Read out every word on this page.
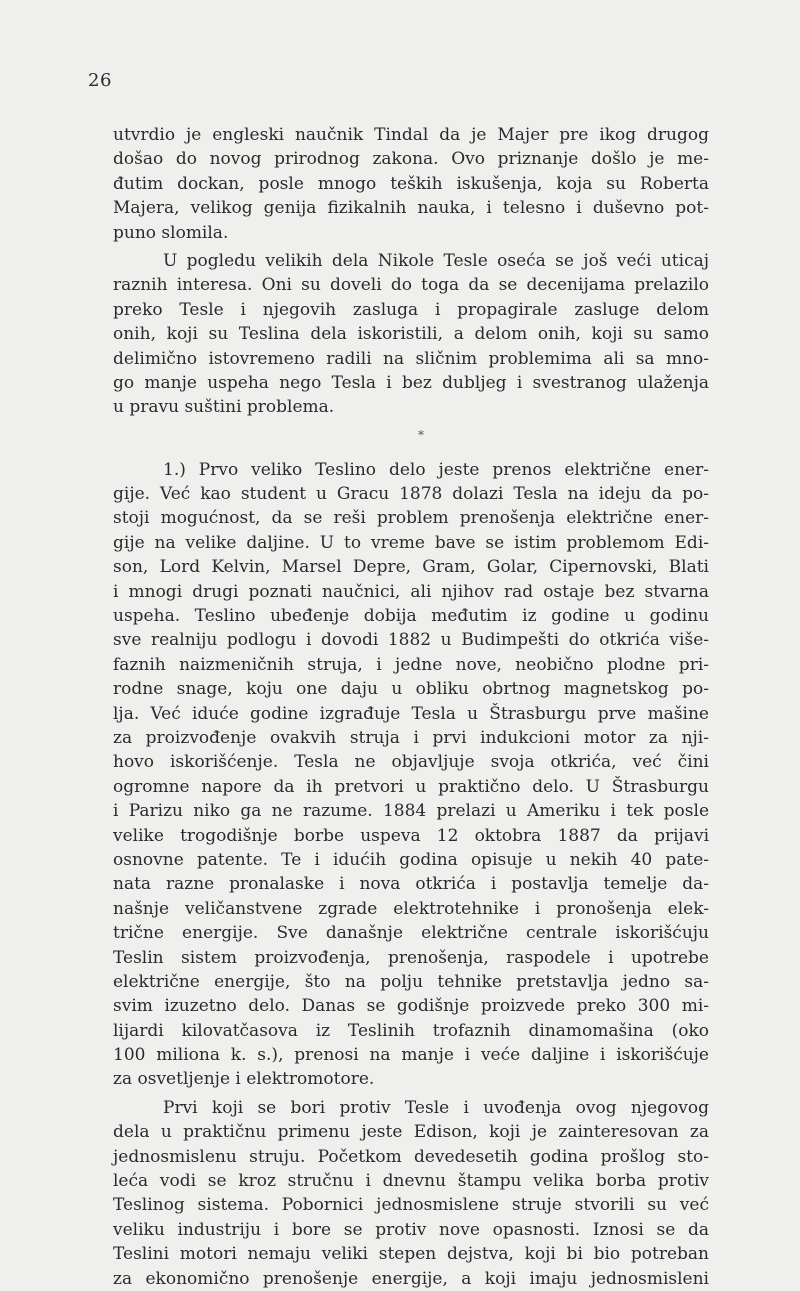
26
utvrdio je engleski naučnik Tindal da je Majer pre ikog drugog
došao do novog prirodnog zakona. Ovo priznanje došlo je me-
đutim dockan, posle mnogo teških iskušenja, koja su Roberta
Majera, velikog genija fizikalnih nauka, i telesno i duševno pot-
puno slomila.
U pogledu velikih dela Nikole Tesle oseća se još veći uticaj
raznih interesa. Oni su doveli do toga da se decenijama prelazilo
preko Tesle i njegovih zasluga i propagirale zasluge delom
onih, koji su Teslina dela iskoristili, a delom onih, koji su samo
delimično istovremeno radili na sličnim problemima ali sa mno-
go manje uspeha nego Tesla i bez dubljeg i svestranog ulaženja
u pravu suštini problema.
*
1.) Prvo veliko Teslino delo jeste prenos električne ener-
gije. Već kao student u Gracu 1878 dolazi Tesla na ideju da po-
stoji mogućnost, da se reši problem prenošenja električne ener-
gije na velike daljine. U to vreme bave se istim problemom Edi-
son, Lord Kelvin, Marsel Depre, Gram, Golar, Cipernovski, Blati
i mnogi drugi poznati naučnici, ali njihov rad ostaje bez stvarna
uspeha. Teslino ubeđenje dobija međutim iz godine u godinu
sve realniju podlogu i dovodi 1882 u Budimpešti do otkrića više-
faznih naizmeničnih struja, i jedne nove, neobično plodne pri-
rodne snage, koju one daju u obliku obrtnog magnetskog po-
lja. Već iduće godine izgrađuje Tesla u Štrasburgu prve mašine
za proizvođenje ovakvih struja i prvi indukcioni motor za nji-
hovo iskorišćenje. Tesla ne objavljuje svoja otkrića, već čini
ogromne napore da ih pretvori u praktično delo. U Štrasburgu
i Parizu niko ga ne razume. 1884 prelazi u Ameriku i tek posle
velike trogodišnje borbe uspeva 12 oktobra 1887 da prijavi
osnovne patente. Te i idućih godina opisuje u nekih 40 pate-
nata razne pronalaske i nova otkrića i postavlja temelje da-
našnje veličanstvene zgrade elektrotehnike i pronošenja elek-
trične energije. Sve današnje električne centrale iskorišćuju
Teslin sistem proizvođenja, prenošenja, raspodele i upotrebe
električne energije, što na polju tehnike pretstavlja jedno sa-
svim izuzetno delo. Danas se godišnje proizvede preko 300 mi-
lijardi kilovatčasova iz Teslinih trofaznih dinamomašina (oko
100 miliona k. s.), prenosi na manje i veće daljine i iskorišćuje
za osvetljenje i elektromotore.
Prvi koji se bori protiv Tesle i uvođenja ovog njegovog
dela u praktičnu primenu jeste Edison, koji je zainteresovan za
jednosmislenu struju. Početkom devedesetih godina prošlog sto-
leća vodi se kroz stručnu i dnevnu štampu velika borba protiv
Teslinog sistema. Pobornici jednosmislene struje stvorili su već
veliku industriju i bore se protiv nove opasnosti. Iznosi se da
Teslini motori nemaju veliki stepen dejstva, koji bi bio potreban
za ekonomično prenošenje energije, a koji imaju jednosmisleni
